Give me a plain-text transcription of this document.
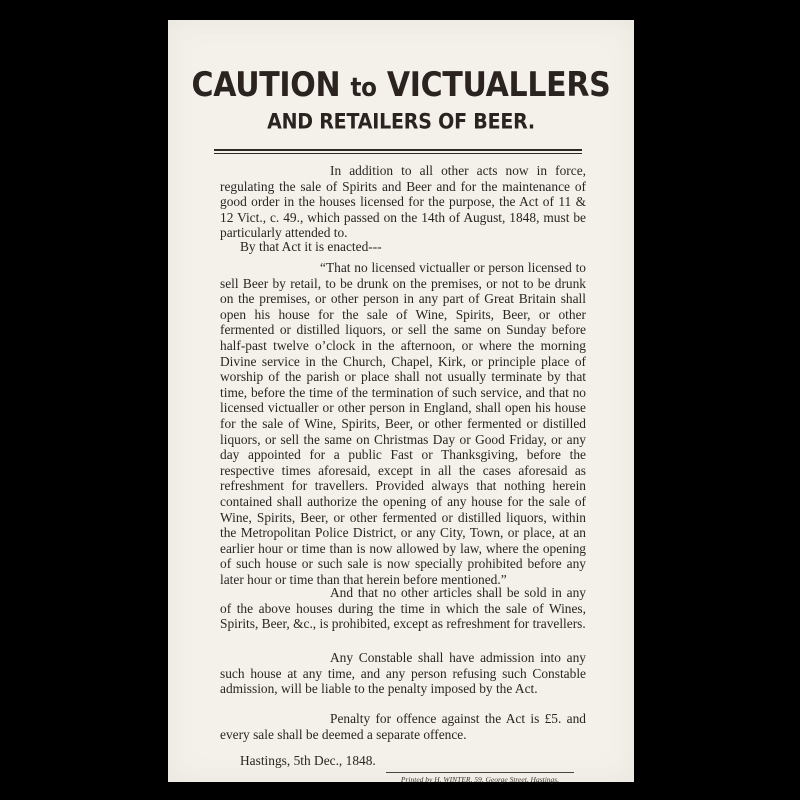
CAUTION to VICTUALLERS
AND RETAILERS OF BEER.

In addition to all other acts now in force, regulating the sale of Spirits and Beer and for the maintenance of good order in the houses licensed for the purpose, the Act of 11 & 12 Vict., c. 49., which passed on the 14th of August, 1848, must be particularly attended to.

By that Act it is enacted---

“That no licensed victualler or person licensed to sell Beer by retail, to be drunk on the premises, or not to be drunk on the premises, or other person in any part of Great Britain shall open his house for the sale of Wine, Spirits, Beer, or other fermented or distilled liquors, or sell the same on Sunday before half-past twelve o’clock in the afternoon, or where the morning Divine service in the Church, Chapel, Kirk, or principle place of worship of the parish or place shall not usually terminate by that time, before the time of the termination of such service, and that no licensed victualler or other person in England, shall open his house for the sale of Wine, Spirits, Beer, or other fermented or distilled liquors, or sell the same on Christmas Day or Good Friday, or any day appointed for a public Fast or Thanksgiving, before the respective times aforesaid, except in all the cases aforesaid as refreshment for travellers. Provided always that nothing herein contained shall authorize the opening of any house for the sale of Wine, Spirits, Beer, or other fermented or distilled liquors, within the Metropolitan Police District, or any City, Town, or place, at an earlier hour or time than is now allowed by law, where the opening of such house or such sale is now specially prohibited before any later hour or time than that herein before mentioned.”

And that no other articles shall be sold in any of the above houses during the time in which the sale of Wines, Spirits, Beer, &c., is prohibited, except as refreshment for travellers.

Any Constable shall have admission into any such house at any time, and any person refusing such Constable admission, will be liable to the penalty imposed by the Act.

Penalty for offence against the Act is £5. and every sale shall be deemed a separate offence.

Hastings, 5th Dec., 1848.
Printed by H. WINTER, 59, George Street, Hastings.
